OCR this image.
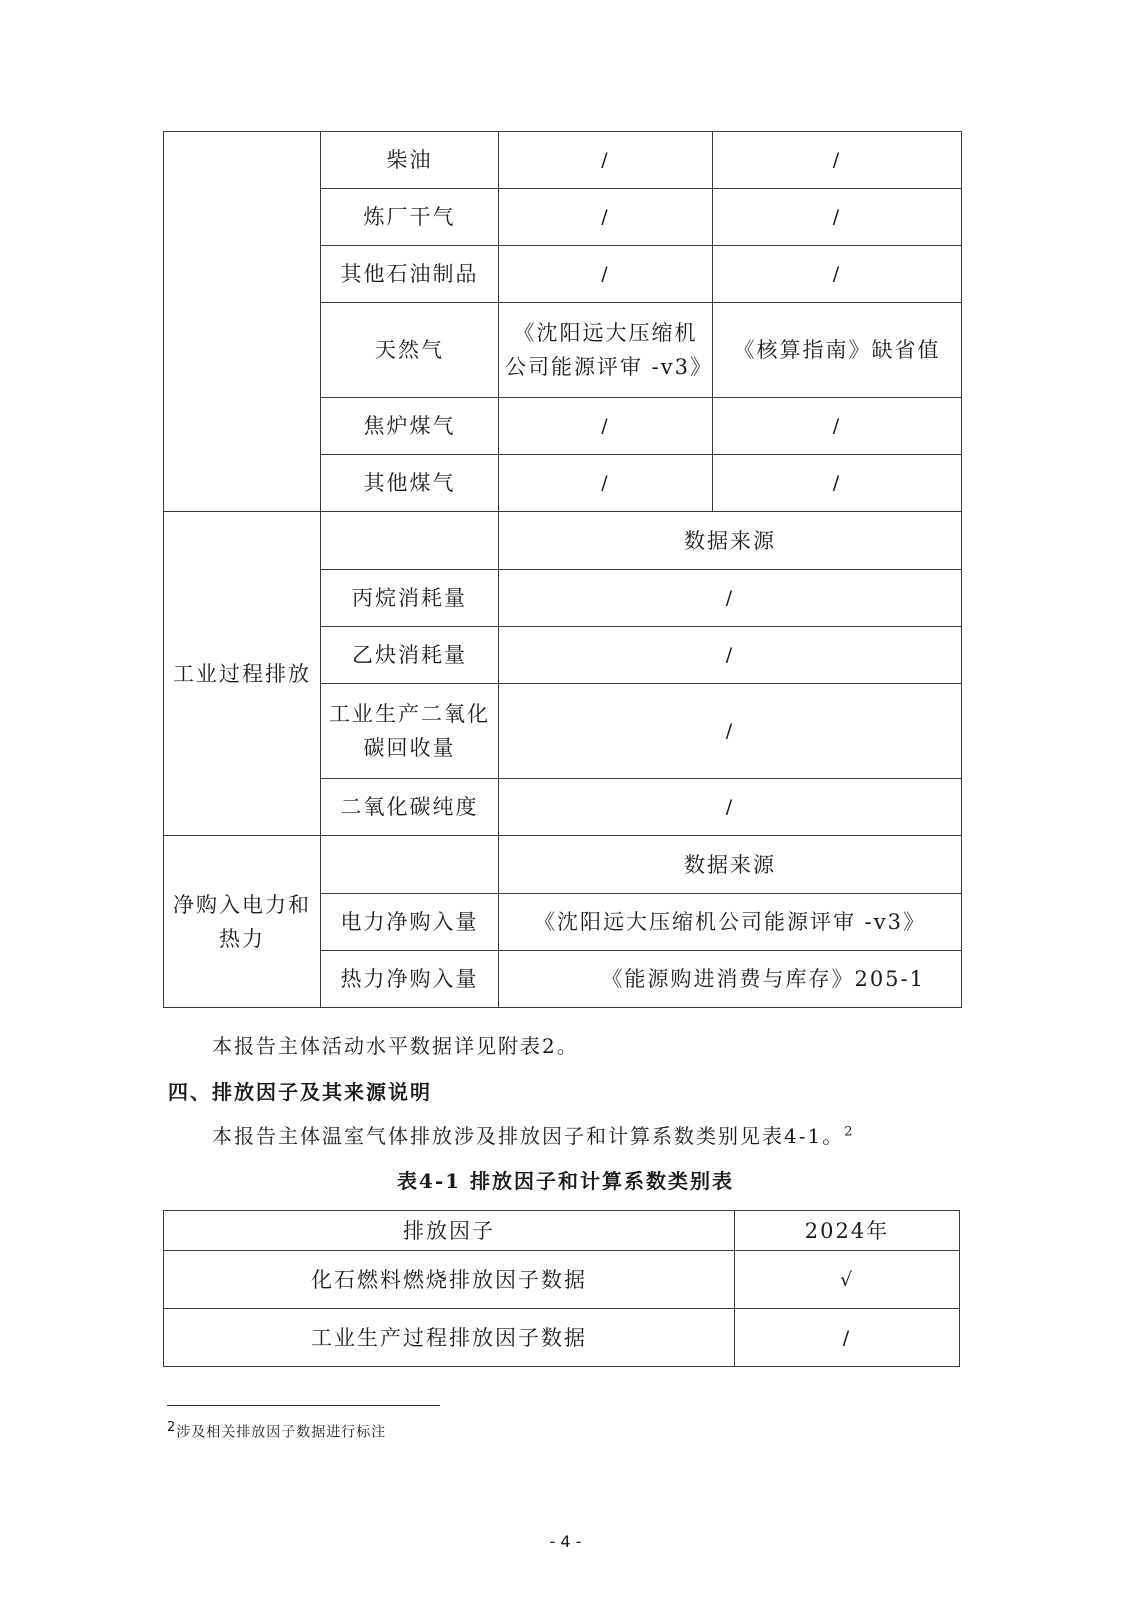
	柴油	/	/
	炼厂干气	/	/
	其他石油制品	/	/
	天然气	《沈阳远大压缩机公司能源评审 -v3》	《核算指南》缺省值
	焦炉煤气	/	/
	其他煤气	/	/
工业过程排放		数据来源	
	丙烷消耗量	/	
	乙炔消耗量	/	
	工业生产二氧化碳回收量	/	
	二氧化碳纯度	/	
净购入电力和热力		数据来源	
	电力净购入量	《沈阳远大压缩机公司能源评审 -v3》	
	热力净购入量	《能源购进消费与库存》205-1	
本报告主体活动水平数据详见附表2。
四、排放因子及其来源说明
本报告主体温室气体排放涉及排放因子和计算系数类别见表4-1。$^2$
表4-1 排放因子和计算系数类别表
排放因子	2024年
化石燃料燃烧排放因子数据	√
工业生产过程排放因子数据	/
$^2$涉及相关排放因子数据进行标注
- 4 -
